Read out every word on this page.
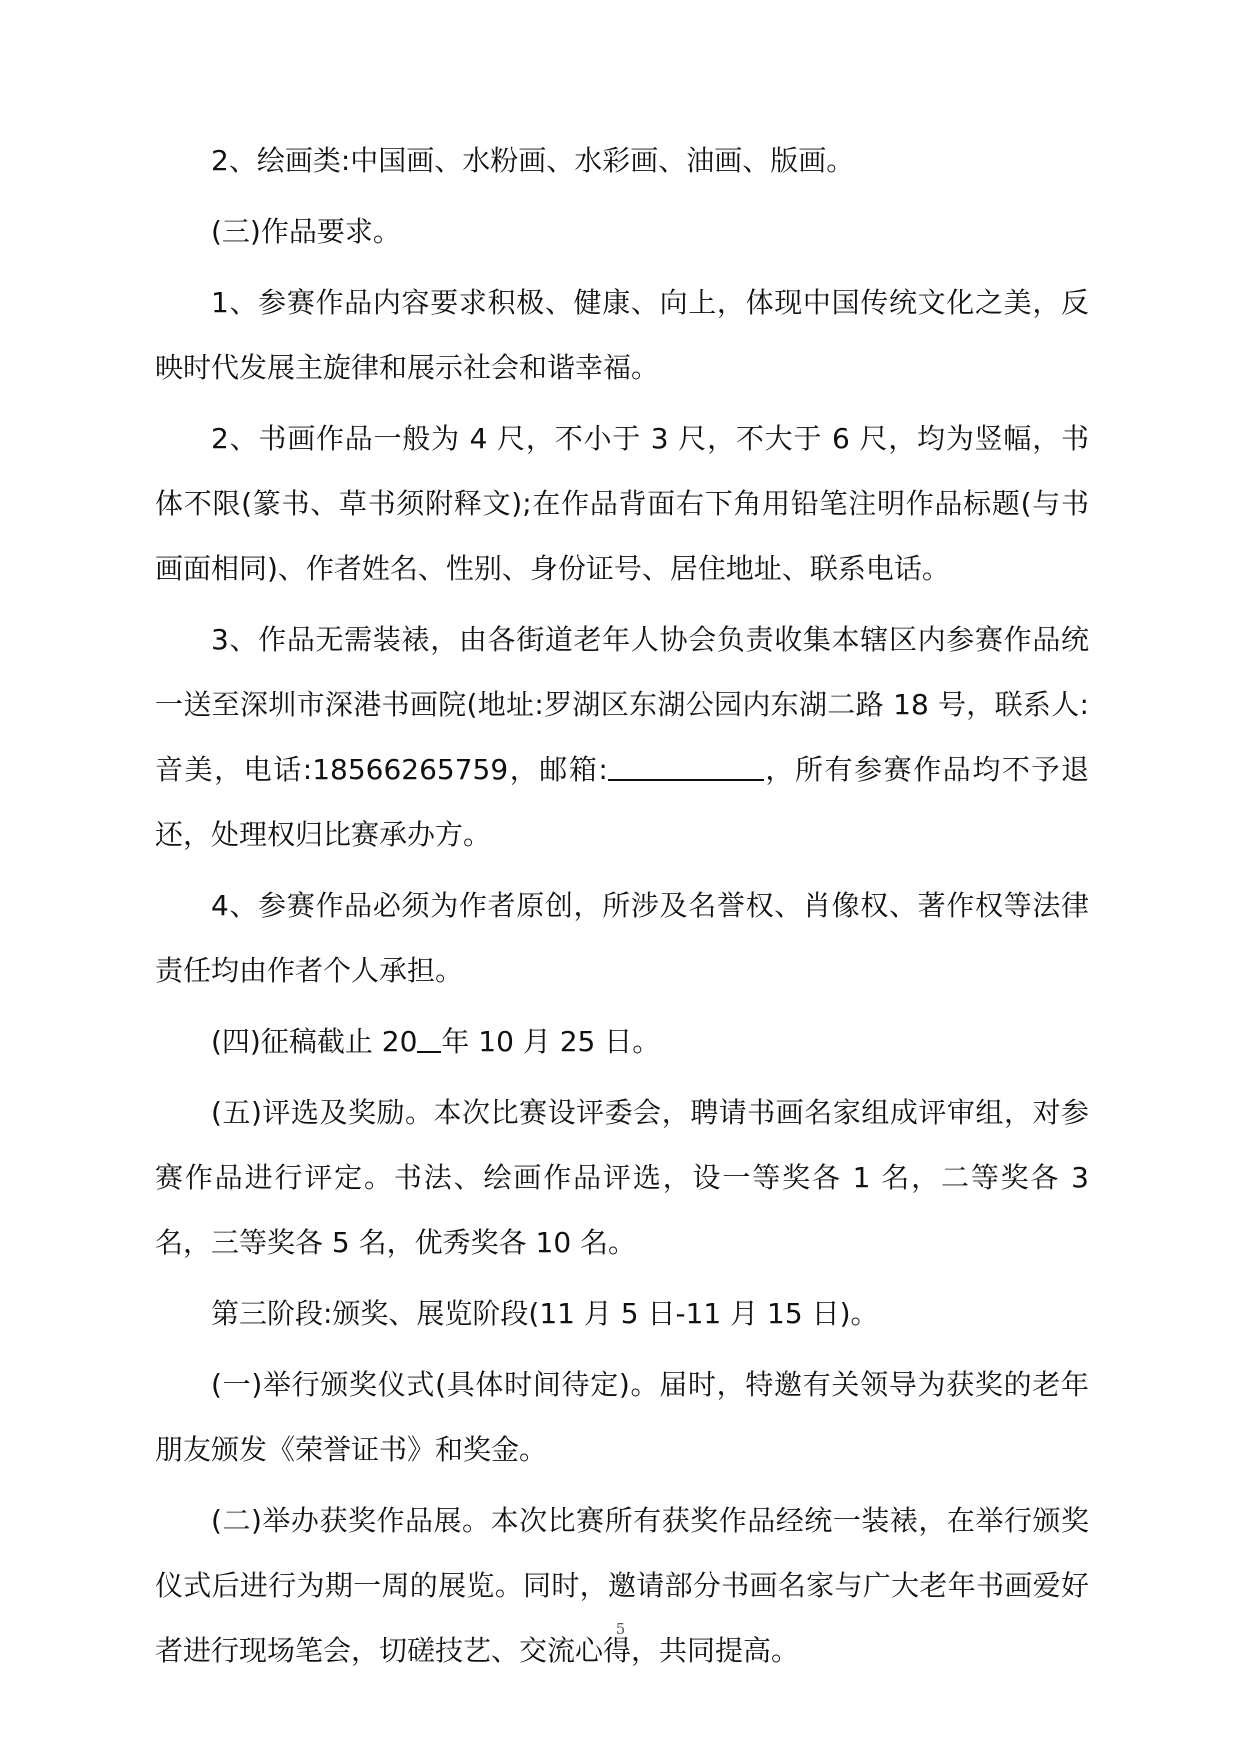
2、绘画类:中国画、水粉画、水彩画、油画、版画。

(三)作品要求。

1、参赛作品内容要求积极、健康、向上，体现中国传统文化之美，反映时代发展主旋律和展示社会和谐幸福。

2、书画作品一般为 4 尺，不小于 3 尺，不大于 6 尺，均为竖幅，书体不限(篆书、草书须附释文);在作品背面右下角用铅笔注明作品标题(与书画面相同)、作者姓名、性别、身份证号、居住地址、联系电话。

3、作品无需装裱，由各街道老年人协会负责收集本辖区内参赛作品统一送至深圳市深港书画院(地址:罗湖区东湖公园内东湖二路 18 号，联系人:音美，电话:18566265759，邮箱:	，所有参赛作品均不予退还，处理权归比赛承办方。

4、参赛作品必须为作者原创，所涉及名誉权、肖像权、著作权等法律责任均由作者个人承担。

(四)征稿截止 20 年 10 月 25 日。

(五)评选及奖励。本次比赛设评委会，聘请书画名家组成评审组，对参赛作品进行评定。书法、绘画作品评选，设一等奖各 1 名，二等奖各 3 名，三等奖各 5 名，优秀奖各 10 名。

第三阶段:颁奖、展览阶段(11 月 5 日-11 月 15 日)。

(一)举行颁奖仪式(具体时间待定)。届时，特邀有关领导为获奖的老年朋友颁发《荣誉证书》和奖金。

(二)举办获奖作品展。本次比赛所有获奖作品经统一装裱，在举行颁奖仪式后进行为期一周的展览。同时，邀请部分书画名家与广大老年书画爱好者进行现场笔会，切磋技艺、交流心得，共同提高。

5
